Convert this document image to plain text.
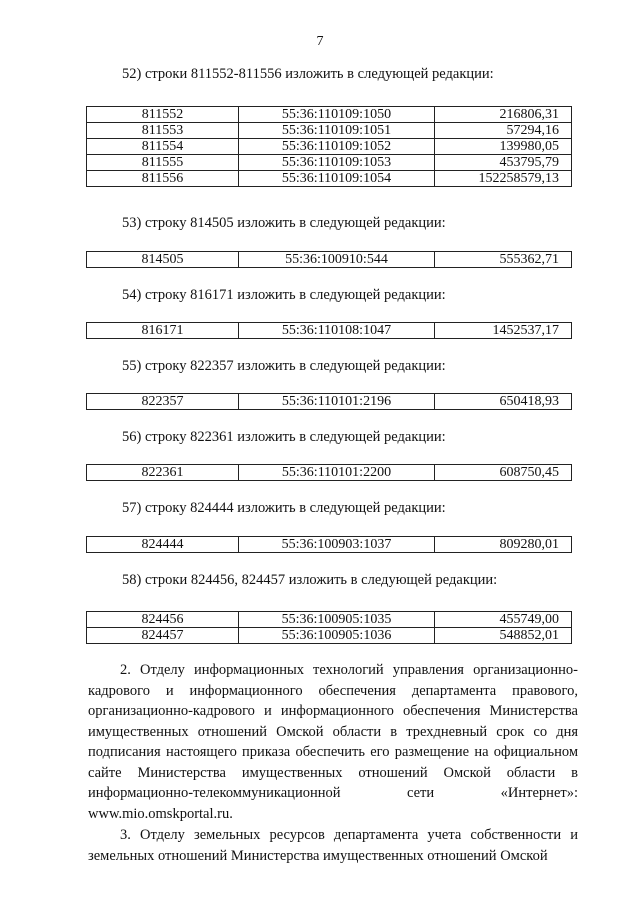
7
52) строки 811552-811556 изложить в следующей редакции:
811552	55:36:110109:1050	216806,31
811553	55:36:110109:1051	57294,16
811554	55:36:110109:1052	139980,05
811555	55:36:110109:1053	453795,79
811556	55:36:110109:1054	152258579,13
53) строку 814505 изложить в следующей редакции:
814505	55:36:100910:544	555362,71
54) строку 816171 изложить в следующей редакции:
816171	55:36:110108:1047	1452537,17
55) строку 822357 изложить в следующей редакции:
822357	55:36:110101:2196	650418,93
56) строку 822361 изложить в следующей редакции:
822361	55:36:110101:2200	608750,45
57) строку 824444 изложить в следующей редакции:
824444	55:36:100903:1037	809280,01
58) строки 824456, 824457 изложить в следующей редакции:
824456	55:36:100905:1035	455749,00
824457	55:36:100905:1036	548852,01

2. Отделу информационных технологий управления организационно-кадрового и информационного обеспечения департамента правового, организационно-кадрового и информационного обеспечения Министерства имущественных отношений Омской области в трехдневный срок со дня подписания настоящего приказа обеспечить его размещение на официальном сайте Министерства имущественных отношений Омской области в информационно-телекоммуникационной сети «Интернет»: www.mio.omskportal.ru.

3. Отделу земельных ресурсов департамента учета собственности и земельных отношений Министерства имущественных отношений Омской
